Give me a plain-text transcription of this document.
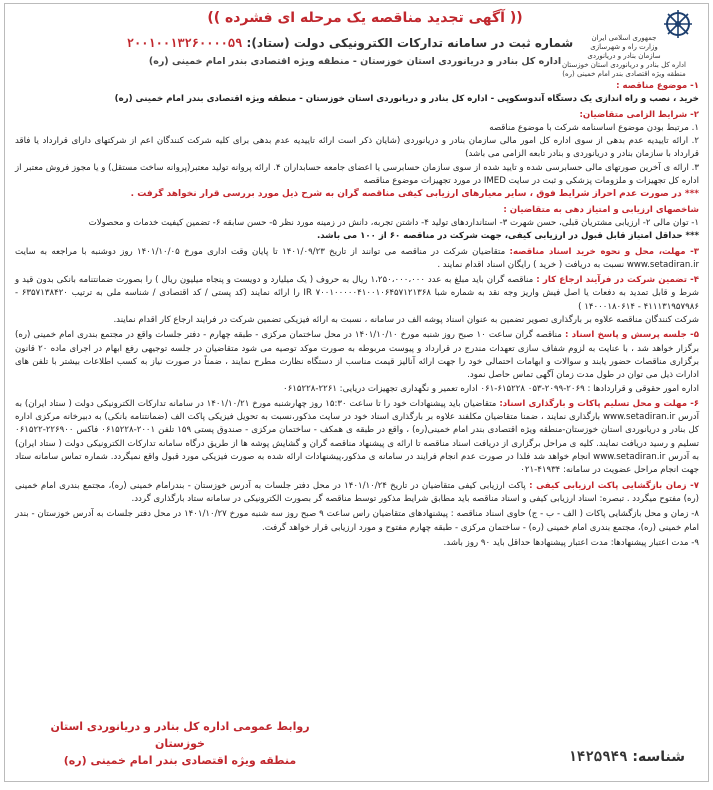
(( آگهی تجدید مناقصه یک مرحله ای فشرده ))
شماره ثبت در سامانه تدارکات الکترونیکی دولت (ستاد): ۲۰۰۱۰۰۱۳۲۶۰۰۰۰۵۹
اداره کل بنادر و دریانوردی استان خوزستان - منطقه ویژه اقتصادی بندر امام خمینی (ره)
جمهوری اسلامی ایران
وزارت راه و شهرسازی
سازمان بنادر و دریانوردی
اداره کل بنادر و دریانوردی استان خوزستان
منطقه ویژه اقتصادی بندر امام خمینی (ره)
۱- موضوع مناقصه :
خرید ، نصب و راه اندازی یک دستگاه آندوسکوپی - اداره کل بنادر و دریانوردی استان خوزستان - منطقه ویژه اقتصادی بندر امام خمینی (ره)
۲- شرایط الزامی متقاضیان:
۱. مرتبط بودن موضوع اساسنامه شرکت با موضوع مناقصه
۲. ارائه تاییدیه عدم بدهی از سوی اداره کل امور مالی سازمان بنادر و دریانوردی (شایان ذکر است ارائه تاییدیه عدم بدهی برای کلیه شرکت کنندگان اعم از شرکتهای دارای قرارداد یا فاقد قرارداد با سازمان بنادر و دریانوردی و بنادر تابعه الزامی می باشد)
۳. ارائه ی آخرین صورتهای مالی حسابرسی شده و تایید شده از سوی سازمان حسابرسی یا اعضای جامعه حسابداران ۴. ارائه پروانه تولید معتبر(پروانه ساخت مستقل) و یا مجوز فروش معتبر از اداره کل تجهیزات و ملزومات پزشکی و ثبت در سایت IMED در مورد تجهیزات موضوع مناقصه
*** در صورت عدم احراز شرایط فوق ، سایر معیارهای ارزیابی کیفی مناقصه گران به شرح ذیل مورد بررسی قرار نخواهد گرفت .
شاخصهای ارزیابی و امتیاز دهی به متقاضیان :
۱- توان مالی ۲- ارزیابی مشتریان قبلی، حسن شهرت ۳- استانداردهای تولید ۴- داشتن تجربه، دانش در زمینه مورد نظر ۵- حسن سابقه ۶- تضمین کیفیت خدمات و محصولات
*** حداقل امتیاز قابل قبول در ارزیابی کیفی، جهت شرکت در مناقصه ۶۰ از ۱۰۰ می باشد.
۳- مهلت، محل و نحوه خرید اسناد مناقصه: متقاضیان شرکت در مناقصه می توانند از تاریخ ۱۴۰۱/۰۹/۲۳ تا پایان وقت اداری مورخ ۱۴۰۱/۱۰/۰۵ روز دوشنبه با مراجعه به سایت www.setadiran.ir نسبت به دریافت ( خرید ) رایگان اسناد اقدام نمایند .
۴- تضمین شرکت در فرآیند ارجاع کار : مناقصه گران باید مبلغ به عدد ۱،۲۵۰،۰۰۰،۰۰۰ ریال به حروف ( یک میلیارد و دویست و پنجاه میلیون ریال ) را بصورت ضمانتنامه بانکی بدون قید و شرط و قابل تمدید به دفعات یا اصل فیش واریز وجه نقد به شماره شبا IR ۷۰۰۱۰۰۰۰۰۴۱۰۰۱۰۶۴۵۷۱۲۱۳۶۸ را ارائه نمایند (کد پستی / کد اقتصادی / شناسه ملی به ترتیب ۶۳۵۷۱۳۸۴۲۰ - ۴۱۱۱۳۱۹۵۷۹۸۶ - ۱۴۰۰۰۱۸۰۶۱۴ )
شرکت کنندگان مناقصه علاوه بر بارگذاری تصویر تضمین به عنوان اسناد پوشه الف در سامانه ، نسبت به ارائه فیزیکی تضمین شرکت در فرایند ارجاع کار اقدام نمایند.
۵- جلسه پرسش و پاسخ اسناد : مناقصه گران ساعت ۱۰ صبح روز شنبه مورخ ۱۴۰۱/۱۰/۱۰ در محل ساختمان مرکزی - طبقه چهارم - دفتر جلسات واقع در مجتمع بندری امام خمینی (ره) برگزار خواهد شد ، با عنایت به لزوم شفاف سازی تعهدات مندرج در قرارداد و پیوست مربوطه به صورت موکد توصیه می شود متقاضیان در جلسه توجیهی رفع ابهام در اجرای ماده ۲۰ قانون برگزاری مناقصات حضور یابند و سوالات و ابهامات احتمالی خود را جهت ارائه آنالیز قیمت مناسب از دستگاه نظارت مطرح نمایند ، ضمناً در صورت نیاز به کسب اطلاعات بیشتر با تلفن های ادارات ذیل می توان در طول مدت زمان آگهی تماس حاصل نمود.
اداره امور حقوقی و قراردادها : ۲۰۶۹-۲۰۹۹-۰۵۳ ۶۱۵۲۲۸-۰۶۱ اداره تعمیر و نگهداری تجهیزات دریایی: ۲۲۶۱-۰۶۱۵۲۲۸
۶- مهلت و محل تسلیم پاکات و بارگذاری اسناد: متقاضیان باید پیشنهادات خود را تا ساعت ۱۵:۳۰ روز چهارشنبه مورخ ۱۴۰۱/۱۰/۲۱ در سامانه تدارکات الکترونیکی دولت ( ستاد ایران) به آدرس www.setadiran.ir بارگذاری نمایند ، ضمنا متقاضیان مکلفند علاوه بر بارگذاری اسناد خود در سایت مذکور،نسبت به تحویل فیزیکی پاکت الف (ضمانتنامه بانکی) به دبیرخانه مرکزی اداره کل بنادر و دریانوردی استان خوزستان-منطقه ویژه اقتصادی بندر امام خمینی(ره) ، واقع در طبقه ی همکف - ساختمان مرکزی - صندوق پستی ۱۵۹ تلفن ۲۰۰۱-۰۶۱۵۲۲۸ فاکس ۲۲۶۹۰۰-۰۶۱۵۲۲ تسلیم و رسید دریافت نمایند. کلیه ی مراحل برگزاری از دریافت اسناد مناقصه تا ارائه ی پیشنهاد مناقصه گران و گشایش پوشه ها از طریق درگاه سامانه تدارکات الکترونیکی دولت ( ستاد ایران) به آدرس www.setadiran.ir انجام خواهد شد فلذا در صورت عدم انجام فرایند در سامانه ی مذکور،پیشنهادات ارائه شده به صورت فیزیکی مورد قبول واقع نمیگردد. شماره تماس سامانه ستاد جهت انجام مراحل عضویت در سامانه: ۴۱۹۳۴-۰۲۱
۷- زمان بازگشایی پاکت ارزیابی کیفی : پاکت ارزیابی کیفی متقاضیان در تاریخ ۱۴۰۱/۱۰/۲۴ در محل دفتر جلسات به آدرس خوزستان - بندرامام خمینی (ره)، مجتمع بندری امام خمینی (ره) مفتوح میگردد . تبصره: اسناد ارزیابی کیفی و اسناد مناقصه باید مطابق شرایط مذکور توسط مناقصه گر بصورت الکترونیکی در سامانه ستاد بارگذاری گردد.
۸- زمان و محل بازگشایی پاکات ( الف - ب - ج) حاوی اسناد مناقصه : پیشنهادهای متقاضیان راس ساعت ۹ صبح روز سه شنبه مورخ ۱۴۰۱/۱۰/۲۷ در محل دفتر جلسات به آدرس خوزستان - بندر امام خمینی (ره)، مجتمع بندری امام خمینی (ره) - ساختمان مرکزی - طبقه چهارم مفتوح و مورد ارزیابی قرار خواهد گرفت.
۹- مدت اعتبار پیشنهادها: مدت اعتبار پیشنهادها حداقل باید ۹۰ روز باشد.
روابط عمومی اداره کل بنادر و دریانوردی استان خوزستان
منطقه ویژه اقتصادی بندر امام خمینی (ره)	شناسه: ۱۴۲۵۹۴۹
